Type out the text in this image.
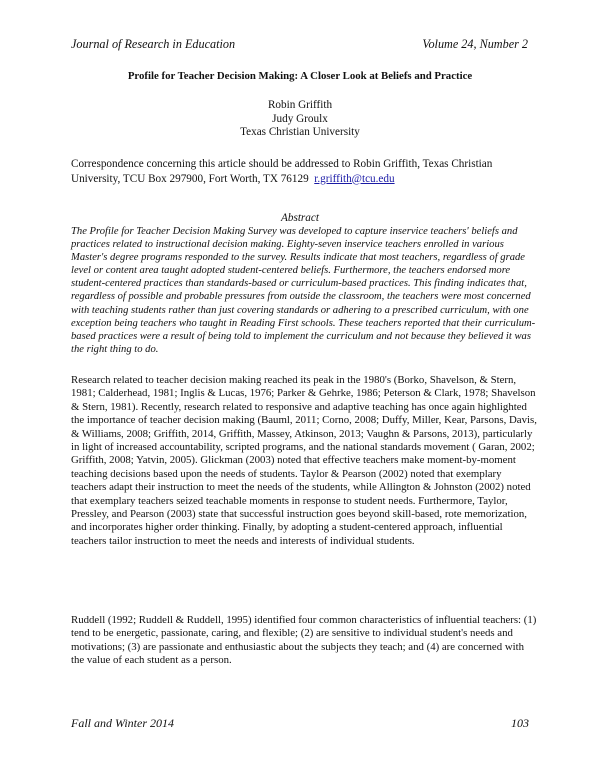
Journal of Research in Education	Volume 24, Number 2
Profile for Teacher Decision Making: A Closer Look at Beliefs and Practice
Robin Griffith
Judy Groulx
Texas Christian University
Correspondence concerning this article should be addressed to Robin Griffith, Texas Christian University, TCU Box 297900, Fort Worth, TX 76129 r.griffith@tcu.edu
Abstract
The Profile for Teacher Decision Making Survey was developed to capture inservice teachers' beliefs and practices related to instructional decision making. Eighty-seven inservice teachers enrolled in various Master's degree programs responded to the survey. Results indicate that most teachers, regardless of grade level or content area taught adopted student-centered beliefs. Furthermore, the teachers endorsed more student-centered practices than standards-based or curriculum-based practices. This finding indicates that, regardless of possible and probable pressures from outside the classroom, the teachers were most concerned with teaching students rather than just covering standards or adhering to a prescribed curriculum, with one exception being teachers who taught in Reading First schools. These teachers reported that their curriculum-based practices were a result of being told to implement the curriculum and not because they believed it was the right thing to do.
Research related to teacher decision making reached its peak in the 1980's (Borko, Shavelson, & Stern, 1981; Calderhead, 1981; Inglis & Lucas, 1976; Parker & Gehrke, 1986; Peterson & Clark, 1978; Shavelson & Stern, 1981). Recently, research related to responsive and adaptive teaching has once again highlighted the importance of teacher decision making (Bauml, 2011; Corno, 2008; Duffy, Miller, Kear, Parsons, Davis, & Williams, 2008; Griffith, 2014, Griffith, Massey, Atkinson, 2013; Vaughn & Parsons, 2013), particularly in light of increased accountability, scripted programs, and the national standards movement ( Garan, 2002; Griffith, 2008; Yatvin, 2005). Glickman (2003) noted that effective teachers make moment-by-moment teaching decisions based upon the needs of students. Taylor & Pearson (2002) noted that exemplary teachers adapt their instruction to meet the needs of the students, while Allington & Johnston (2002) noted that exemplary teachers seized teachable moments in response to student needs. Furthermore, Taylor, Pressley, and Pearson (2003) state that successful instruction goes beyond skill-based, rote memorization, and incorporates higher order thinking. Finally, by adopting a student-centered approach, influential teachers tailor instruction to meet the needs and interests of individual students.
Ruddell (1992; Ruddell & Ruddell, 1995) identified four common characteristics of influential teachers: (1) tend to be energetic, passionate, caring, and flexible; (2) are sensitive to individual student's needs and motivations; (3) are passionate and enthusiastic about the subjects they teach; and (4) are concerned with the value of each student as a person.
Fall and Winter 2014	103
